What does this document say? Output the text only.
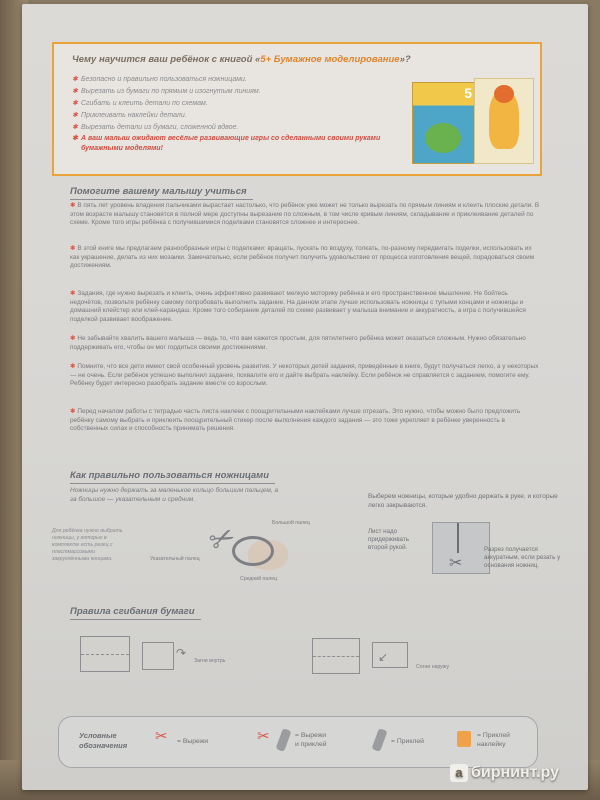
Чему научится ваш ребёнок с книгой «5+ Бумажное моделирование»?
✱ Безопасно и правильно пользоваться ножницами.
✱ Вырезать из бумаги по прямым и изогнутым линиям.
✱ Сгибать и клеить детали по схемам.
✱ Приклеивать наклейки детали.
✱ Вырезать детали из бумаги, сложенной вдвое.
✱ А ваш малыш ожидают весёлые развивающие игры со сделанными своими руками бумажными моделями!
5
Помогите вашему малышу учиться
✱ В пять лет уровень владения пальчиками вырастает настолько, что ребёнок уже может не только вырезать по прямым линиям и клеить плоские детали. В этом возрасте малышу становятся в полной мере доступны вырезание по сложным, в том числе кривым линиям, складывание и приклеивание деталей по схеме. Кроме того игры ребёнка с получившимися поделками становятся сложнее и интереснее.
✱ В этой книге мы предлагаем разнообразные игры с поделками: вращать, пускать по воздуху, толкать, по-разному передвигать поделки, использовать их как украшение, делать из них мозаики. Замечательно, если ребёнок получит получить удовольствие от процесса изготовления вещей, порадоваться своим достижениям.
✱ Задания, где нужно вырезать и клеить, очень эффективно развивают мелкую моторику ребёнка и его пространственное мышление. Не бойтесь недочётов, позвольте ребёнку самому попробовать выполнить задание. На данном этапе лучше использовать ножницы с тупыми концами и ножницы и домашний клейстер или клей-карандаш. Кроме того собирание деталей по схеме развивает у малыша внимание и аккуратность, а игра с получившейся поделкой развивает воображение.
✱ Не забывайте хвалить вашего малыша — ведь то, что вам кажется простым, для пятилетнего ребёнка может оказаться сложным. Нужно обязательно поддерживать его, чтобы он мог гордиться своими достижениями.
✱ Помните, что все дети имеют свой особенный уровень развития. У некоторых детей задания, приведённые в книге, будут получаться легко, а у некоторых — не очень. Если ребёнок успешно выполнил задание, похвалите его и дайте выбрать наклейку. Если ребёнок не справляется с заданием, помогите ему. Ребёнку будет интересно разобрать задание вместе со взрослым.
✱ Перед началом работы с тетрадью часть листа наклеек с поощрительными наклейками лучше отрезать. Это нужно, чтобы можно было предложить ребёнку самому выбрать и приклеить поощрительный стикер после выполнения каждого задания — это тоже укрепляет в ребёнке уверенность в собственных силах и способность принимать решения.
Как правильно пользоваться ножницами
Ножницы нужно держать за маленькое кольцо большим пальцем, а за большое — указательным и средним.	Выберем ножницы, которые удобно держать в руке, и которые легко закрываются.
Для ребёнка нужно выбрать ножницы, у которых в комплекте есть резец с пластмассовыми закруглёнными концами.	✂	Большой палец
Указательный палец
Средний палец
Лист надо придерживать второй рукой.
✂
Разрез получается аккуратным, если резать у основания ножниц.
Правила сгибания бумаги
↷
Загни внутрь	↙
Согни наружу
Условные
обозначения
✂ = Вырежи	✂	= Вырежи
и приклей	= Приклей
= Приклей
наклейку
а бирнинт.ру
